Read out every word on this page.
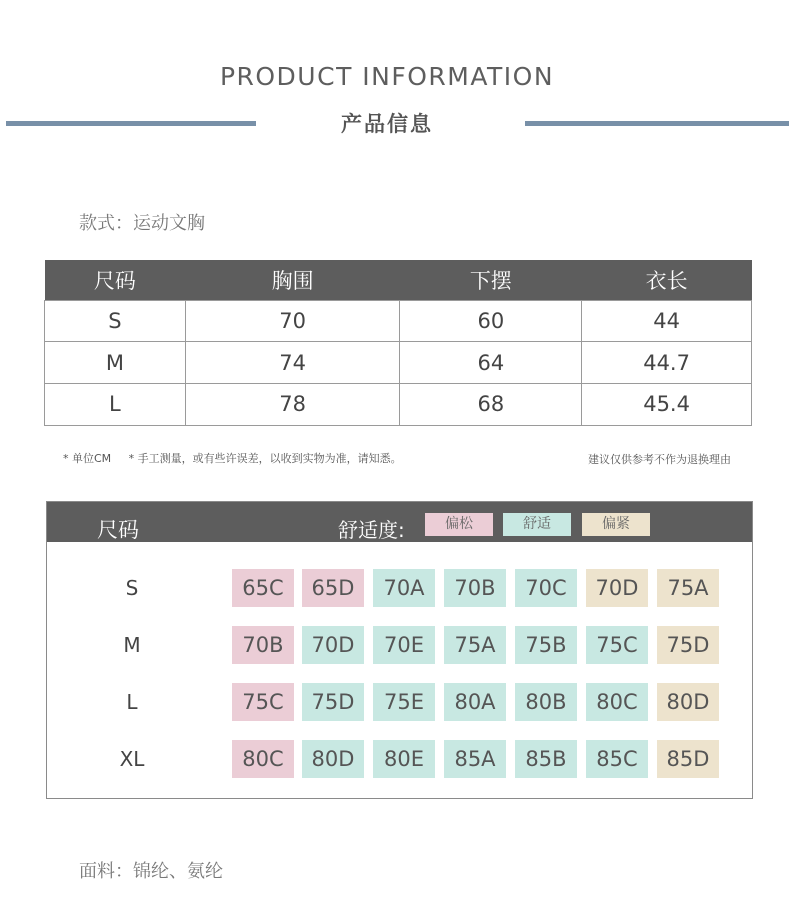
PRODUCT INFORMATION
产品信息
款式：运动文胸
尺码	胸围	下摆	衣长
S	70	60	44
M	74	64	44.7
L	78	68	45.4
* 单位CM * 手工测量，或有些许误差，以收到实物为准，请知悉。	建议仅供参考不作为退换理由
尺码	舒适度:	偏松	舒适	偏紧
S	65C	65D	70A	70B	70C	70D	75A
M	70B	70D	70E	75A	75B	75C	75D
L	75C	75D	75E	80A	80B	80C	80D
XL	80C	80D	80E	85A	85B	85C	85D
面料：锦纶、氨纶
